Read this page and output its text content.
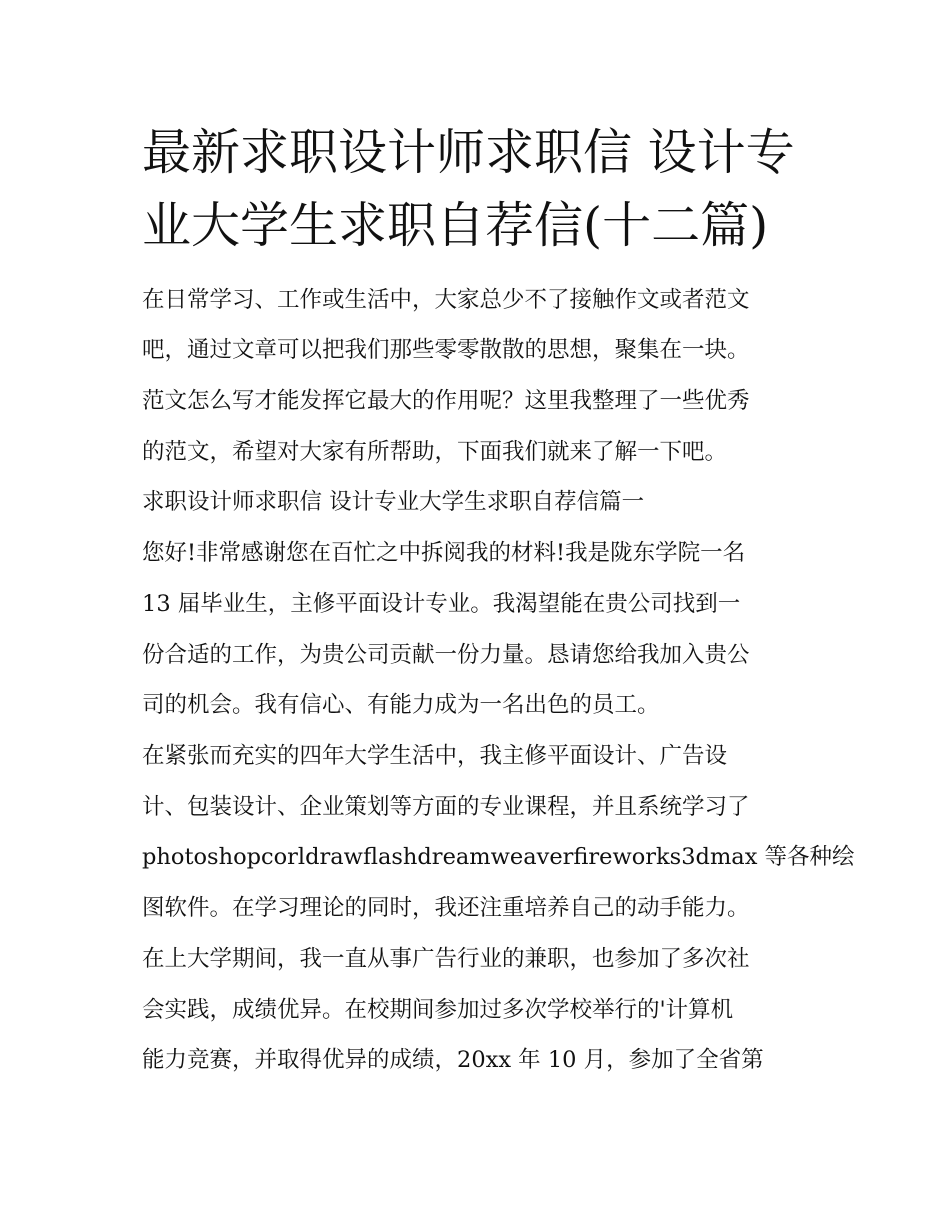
最新求职设计师求职信 设计专
业大学生求职自荐信(十二篇)

在日常学习、工作或生活中，大家总少不了接触作文或者范文

吧，通过文章可以把我们那些零零散散的思想，聚集在一块。

范文怎么写才能发挥它最大的作用呢？这里我整理了一些优秀

的范文，希望对大家有所帮助，下面我们就来了解一下吧。

求职设计师求职信 设计专业大学生求职自荐信篇一

您好!非常感谢您在百忙之中拆阅我的材料!我是陇东学院一名

13 届毕业生，主修平面设计专业。我渴望能在贵公司找到一

份合适的工作，为贵公司贡献一份力量。恳请您给我加入贵公

司的机会。我有信心、有能力成为一名出色的员工。

在紧张而充实的四年大学生活中，我主修平面设计、广告设

计、包装设计、企业策划等方面的专业课程，并且系统学习了

photoshopcorldrawflashdreamweaverfireworks3dmax 等各种绘

图软件。在学习理论的同时，我还注重培养自己的动手能力。

在上大学期间，我一直从事广告行业的兼职，也参加了多次社

会实践，成绩优异。在校期间参加过多次学校举行的'计算机

能力竞赛，并取得优异的成绩，20xx 年 10 月，参加了全省第
